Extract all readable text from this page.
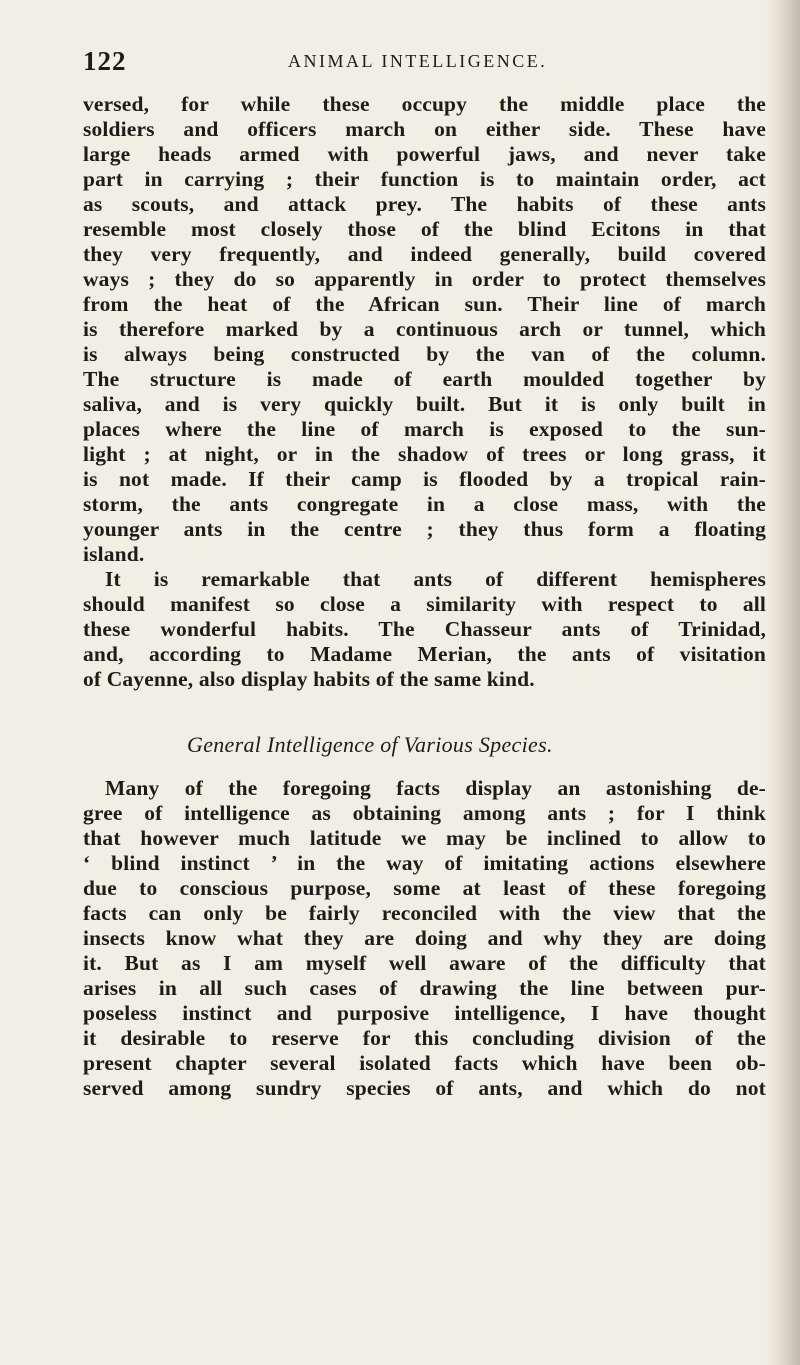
122	ANIMAL INTELLIGENCE.
versed, for while these occupy the middle place the
soldiers and officers march on either side. These have
large heads armed with powerful jaws, and never take
part in carrying ; their function is to maintain order, act
as scouts, and attack prey. The habits of these ants
resemble most closely those of the blind Ecitons in that
they very frequently, and indeed generally, build covered
ways ; they do so apparently in order to protect themselves
from the heat of the African sun. Their line of march
is therefore marked by a continuous arch or tunnel, which
is always being constructed by the van of the column.
The structure is made of earth moulded together by
saliva, and is very quickly built. But it is only built in
places where the line of march is exposed to the sun-
light ; at night, or in the shadow of trees or long grass, it
is not made. If their camp is flooded by a tropical rain-
storm, the ants congregate in a close mass, with the
younger ants in the centre ; they thus form a floating
island.
It is remarkable that ants of different hemispheres
should manifest so close a similarity with respect to all
these wonderful habits. The Chasseur ants of Trinidad,
and, according to Madame Merian, the ants of visitation
of Cayenne, also display habits of the same kind.
General Intelligence of Various Species.
Many of the foregoing facts display an astonishing de-
gree of intelligence as obtaining among ants ; for I think
that however much latitude we may be inclined to allow to
‘ blind instinct ’ in the way of imitating actions elsewhere
due to conscious purpose, some at least of these foregoing
facts can only be fairly reconciled with the view that the
insects know what they are doing and why they are doing
it. But as I am myself well aware of the difficulty that
arises in all such cases of drawing the line between pur-
poseless instinct and purposive intelligence, I have thought
it desirable to reserve for this concluding division of the
present chapter several isolated facts which have been ob-
served among sundry species of ants, and which do not
